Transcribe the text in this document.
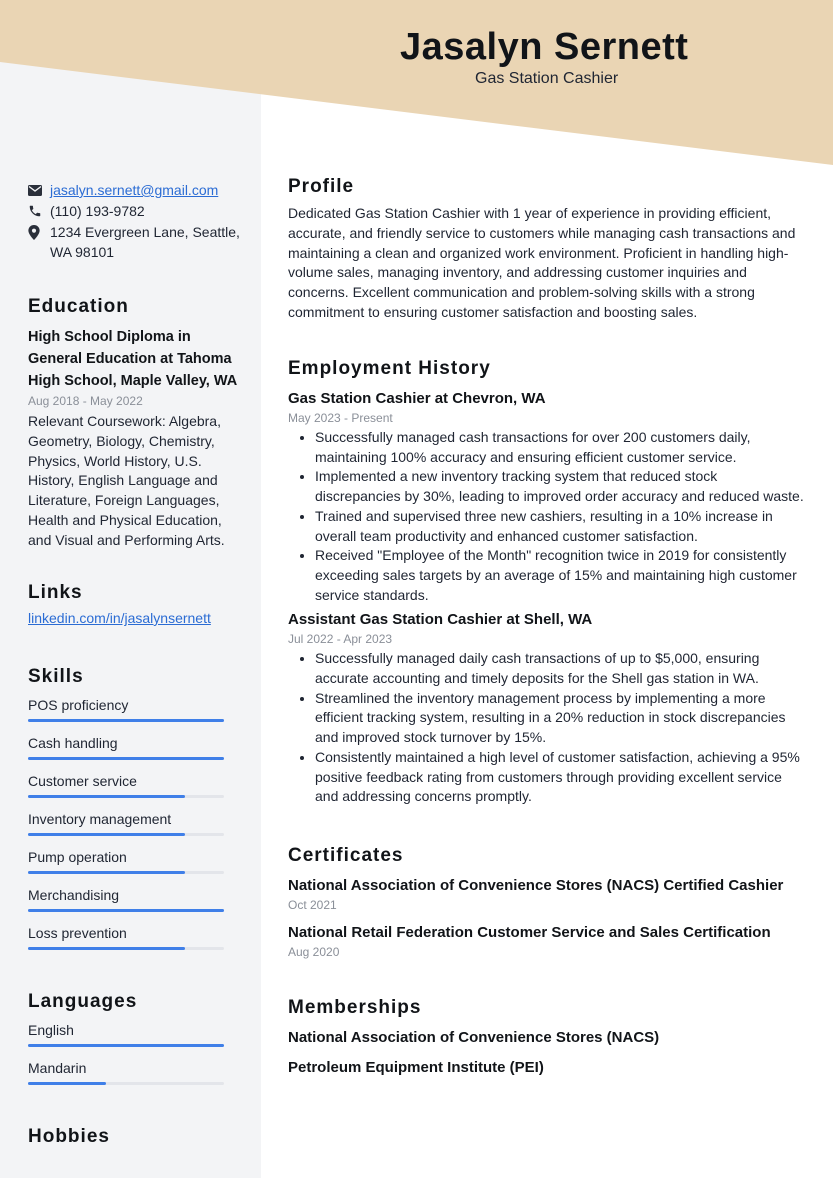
Jasalyn Sernett
Gas Station Cashier
jasalyn.sernett@gmail.com
(110) 193-9782
1234 Evergreen Lane, Seattle, WA 98101
Education
High School Diploma in General Education at Tahoma High School, Maple Valley, WA
Aug 2018 - May 2022
Relevant Coursework: Algebra, Geometry, Biology, Chemistry, Physics, World History, U.S. History, English Language and Literature, Foreign Languages, Health and Physical Education, and Visual and Performing Arts.
Links
linkedin.com/in/jasalynsernett
Skills
POS proficiency
Cash handling
Customer service
Inventory management
Pump operation
Merchandising
Loss prevention
Languages
English
Mandarin
Hobbies
Profile
Dedicated Gas Station Cashier with 1 year of experience in providing efficient, accurate, and friendly service to customers while managing cash transactions and maintaining a clean and organized work environment. Proficient in handling high-volume sales, managing inventory, and addressing customer inquiries and concerns. Excellent communication and problem-solving skills with a strong commitment to ensuring customer satisfaction and boosting sales.
Employment History
Gas Station Cashier at Chevron, WA
May 2023 - Present
• Successfully managed cash transactions for over 200 customers daily, maintaining 100% accuracy and ensuring efficient customer service.
• Implemented a new inventory tracking system that reduced stock discrepancies by 30%, leading to improved order accuracy and reduced waste.
• Trained and supervised three new cashiers, resulting in a 10% increase in overall team productivity and enhanced customer satisfaction.
• Received "Employee of the Month" recognition twice in 2019 for consistently exceeding sales targets by an average of 15% and maintaining high customer service standards.
Assistant Gas Station Cashier at Shell, WA
Jul 2022 - Apr 2023
• Successfully managed daily cash transactions of up to $5,000, ensuring accurate accounting and timely deposits for the Shell gas station in WA.
• Streamlined the inventory management process by implementing a more efficient tracking system, resulting in a 20% reduction in stock discrepancies and improved stock turnover by 15%.
• Consistently maintained a high level of customer satisfaction, achieving a 95% positive feedback rating from customers through providing excellent service and addressing concerns promptly.
Certificates
National Association of Convenience Stores (NACS) Certified Cashier
Oct 2021
National Retail Federation Customer Service and Sales Certification
Aug 2020
Memberships
National Association of Convenience Stores (NACS)
Petroleum Equipment Institute (PEI)
